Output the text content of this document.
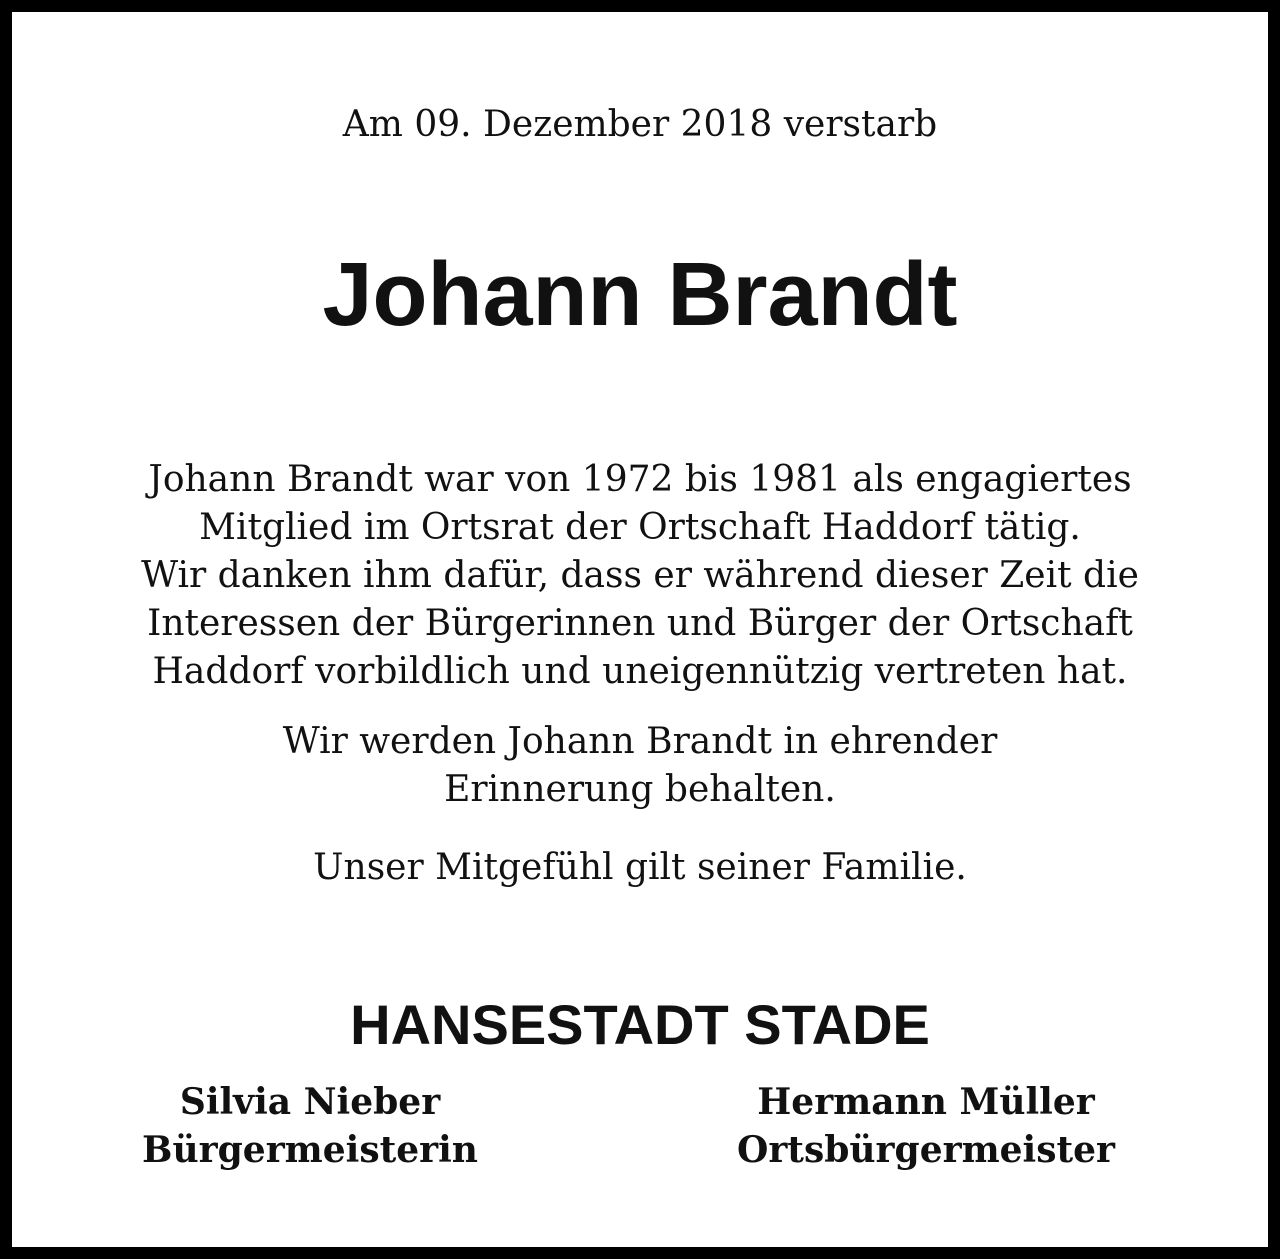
Am 09. Dezember 2018 verstarb
Johann Brandt
Johann Brandt war von 1972 bis 1981 als engagiertes
Mitglied im Ortsrat der Ortschaft Haddorf tätig.
Wir danken ihm dafür, dass er während dieser Zeit die
Interessen der Bürgerinnen und Bürger der Ortschaft
Haddorf vorbildlich und uneigennützig vertreten hat.
Wir werden Johann Brandt in ehrender
Erinnerung behalten.
Unser Mitgefühl gilt seiner Familie.
HANSESTADT STADE
Silvia Nieber
Bürgermeisterin
Hermann Müller
Ortsbürgermeister
